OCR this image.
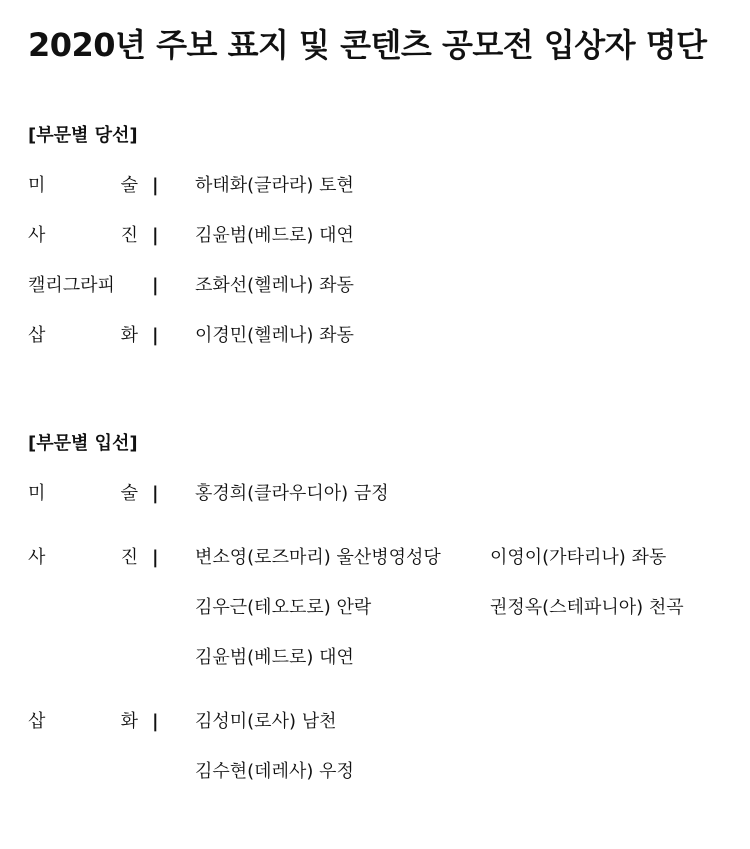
2020년 주보 표지 및 콘텐츠 공모전 입상자 명단
[부문별 당선]
미	술 | 하태화(글라라) 토현
사	진 | 김윤범(베드로) 대연
캘리그라피 | 조화선(헬레나) 좌동
삽	화 | 이경민(헬레나) 좌동
[부문별 입선]
미	술 | 홍경희(클라우디아) 금정
사	진 | 변소영(로즈마리) 울산병영성당	이영이(가타리나) 좌동
김우근(테오도로) 안락	권정옥(스테파니아) 천곡
김윤범(베드로) 대연
삽	화 | 김성미(로사) 남천
김수현(데레사) 우정
